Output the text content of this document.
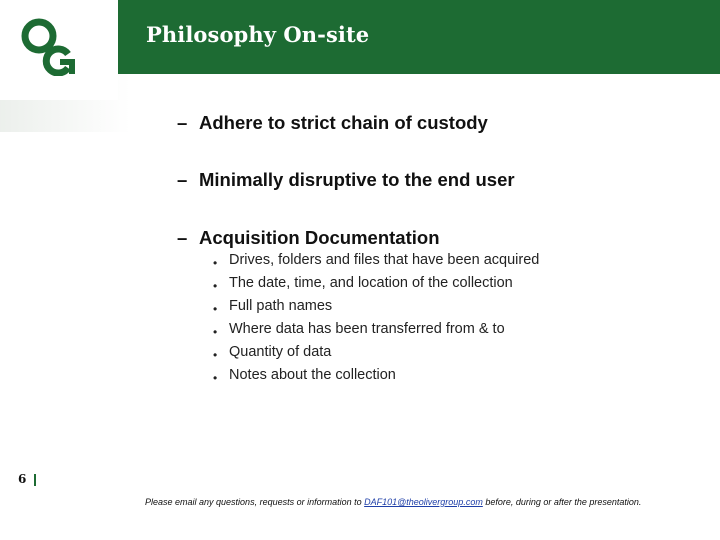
Philosophy On-site
– Adhere to strict chain of custody
– Minimally disruptive to the end user
– Acquisition Documentation
• Drives, folders and files that have been acquired
• The date, time, and location of the collection
• Full path names
• Where data has been transferred from & to
• Quantity of data
• Notes about the collection
6
Please email any questions, requests or information to DAF101@theolivergroup.com before, during or after the presentation.
